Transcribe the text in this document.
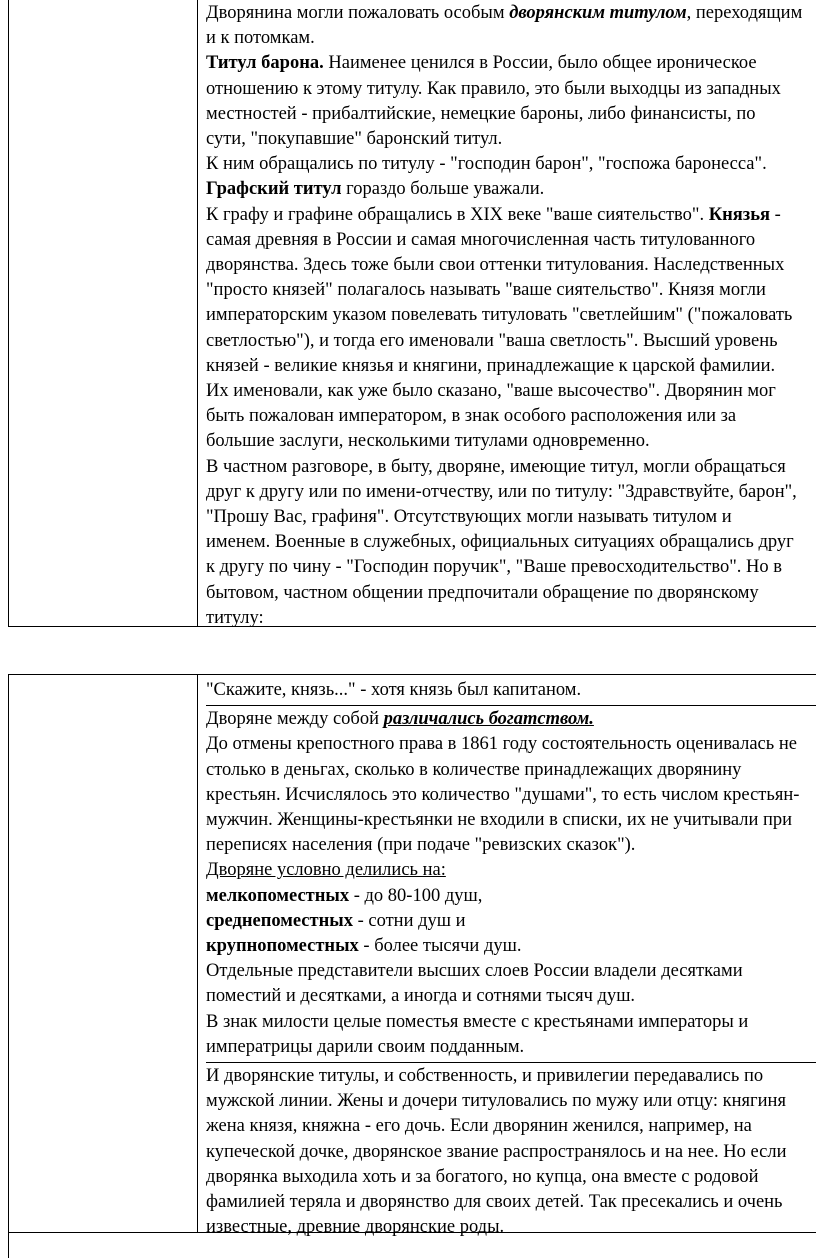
Дворянина могли пожаловать особым дворянским титулом, переходящим

и к потомкам.

Титул барона. Наименее ценился в России, было общее ироническое

отношению к этому титулу. Как правило, это были выходцы из западных

местностей - прибалтийские, немецкие бароны, либо финансисты, по

сути, "покупавшие" баронский титул.

К ним обращались по титулу - "господин барон", "госпожа баронесса".

Графский титул гораздо больше уважали.

К графу и графине обращались в XIX веке "ваше сиятельство". Князья -

самая древняя в России и самая многочисленная часть титулованного

дворянства. Здесь тоже были свои оттенки титулования. Наследственных

"просто князей" полагалось называть "ваше сиятельство". Князя могли

императорским указом повелевать титуловать "светлейшим" ("пожаловать

светлостью"), и тогда его именовали "ваша светлость". Высший уровень

князей - великие князья и княгини, принадлежащие к царской фамилии.

Их именовали, как уже было сказано, "ваше высочество". Дворянин мог

быть пожалован императором, в знак особого расположения или за

большие заслуги, несколькими титулами одновременно.

В частном разговоре, в быту, дворяне, имеющие титул, могли обращаться

друг к другу или по имени-отчеству, или по титулу: "Здравствуйте, барон",

"Прошу Вас, графиня". Отсутствующих могли называть титулом и

именем. Военные в служебных, официальных ситуациях обращались друг

к другу по чину - "Господин поручик", "Ваше превосходительство". Но в

бытовом, частном общении предпочитали обращение по дворянскому

титулу:

"Скажите, князь..." - хотя князь был капитаном.

Дворяне между собой различались богатством.

До отмены крепостного права в 1861 году состоятельность оценивалась не

столько в деньгах, сколько в количестве принадлежащих дворянину

крестьян. Исчислялось это количество "душами", то есть числом крестьян-

мужчин. Женщины-крестьянки не входили в списки, их не учитывали при

переписях населения (при подаче "ревизских сказок").

Дворяне условно делились на:

мелкопоместных - до 80-100 душ,

среднепоместных - сотни душ и

крупнопоместных - более тысячи душ.

Отдельные представители высших слоев России владели десятками

поместий и десятками, а иногда и сотнями тысяч душ.

В знак милости целые поместья вместе с крестьянами императоры и

императрицы дарили своим подданным.

И дворянские титулы, и собственность, и привилегии передавались по

мужской линии. Жены и дочери титуловались по мужу или отцу: княгиня

жена князя, княжна - его дочь. Если дворянин женился, например, на

купеческой дочке, дворянское звание распространялось и на нее. Но если

дворянка выходила хоть и за богатого, но купца, она вместе с родовой

фамилией теряла и дворянство для своих детей. Так пресекались и очень

известные, древние дворянские роды.
